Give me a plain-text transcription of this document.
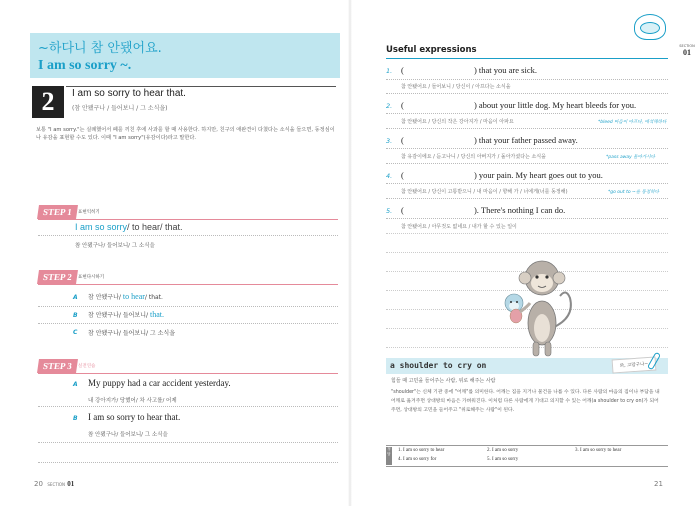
~하다니 참 안됐어요.
I am so sorry ~.
2	I am so sorry to hear that.
(참 안됐구나 / 들어보니 / 그 소식을)
보통 "I am sorry."는 실례했어서 폐를 끼친 후에 사과를 할 때 사용한다. 하지만, 친구의 애완견이 다쳤다는 소식을 들으면, 동정심이나 유감을 표현할 수도 있다. 이때 "I am sorry"(유감이다)라고 말한다.
STEP 1	표현익히기
I am so sorry/ to hear/ that.
참 안됐구나/ 들어보니/ 그 소식을
STEP 2	표현다시하기
A 참 안됐구나/ to hear/ that.
B 참 안됐구나/ 들어보니/ that.
C 참 안됐구나/ 들어보니/ 그 소식을
STEP 3	실전연습
A My puppy had a car accident yesterday.
내 강아지가/ 당했어/ 차 사고를/ 어제
B I am so sorry to hear that.
참 안됐구나/ 들어보니/ 그 소식을
20 SECTION 01
SECTION
01
Useful expressions
1. (                                 ) that you are sick.
참 안됐어요 / 들어보니 / 당신이 / 아프다는 소식을
2. (                                 ) about your little dog. My heart bleeds for you.
참 안됐어요 / 당신의 작은 강아지가 / 마음이 아파요	*bleed 마음이 아프다, 애석해하다
3. (                                 ) that your father passed away.
참 유감이에요 / 듣고나니 / 당신의 아버지가 / 돌아가셨다는 소식을	*pass away 돌아가시다
4. (                                 ) your pain. My heart goes out to you.
참 안됐어요 / 당신이 고통받으니 / 내 마음이 / 향해 가 / 너에게(너를 동정해)	*go out to ~을 동정하다
5. (                                 ). There's nothing I can do.
참 안됐어요 / 아무것도 없네요 / 내가 할 수 있는 일이
a shoulder to cry on	와, 고맙구나~
힘들 때 고민을 들어주는 사람, 위로 해주는 사람
"shoulder"는 신체 기관 중에 "어깨"를 의미한다. 어깨는 짐을 지거나 물건을 나를 수 있다. 다른 사람의 마음의 짐이나 부담을 내 어깨로 옮겨주면 상대방의 마음은 가벼워진다. 이처럼 다른 사람에게 기대고 의지할 수 있는 어깨(a shoulder to cry on)가 되어주면, 상대방의 고민을 들어주고 "위로해주는 사람"이 된다.
정답
1. I am so sorry to hear	2. I am so sorry	3. I am so sorry to hear
4. I am so sorry for	5. I am so sorry
21
